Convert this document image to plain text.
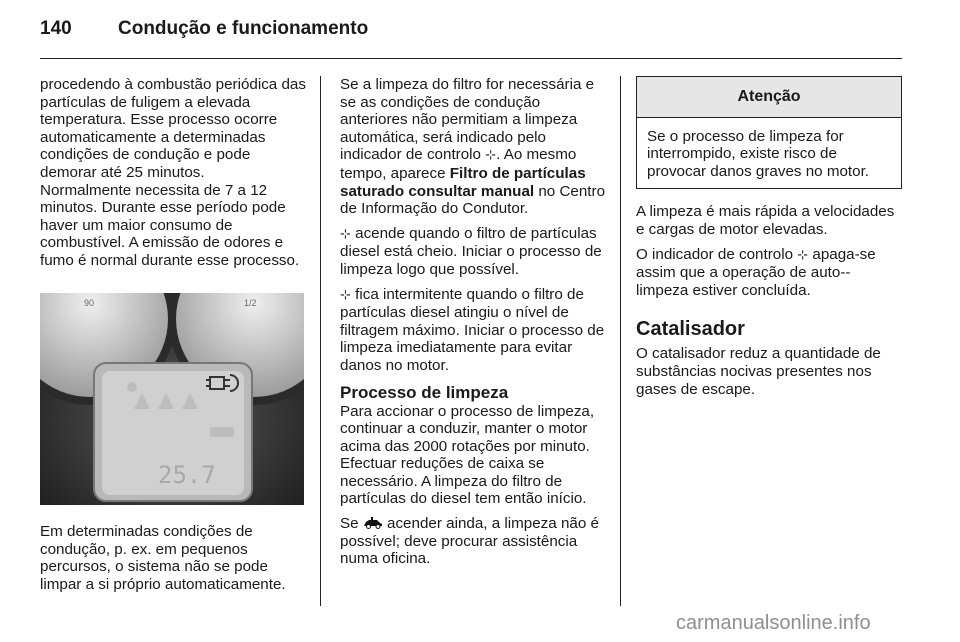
140 Condução e funcionamento

procedendo à combustão periódica das partículas de fuligem a elevada temperatura. Esse processo ocorre automaticamente a determinadas condições de condução e pode demorar até 25 minutos.

Normalmente necessita de 7 a 12 minutos. Durante esse período pode haver um maior consumo de combustível. A emissão de odores e fumo é normal durante esse processo.

90	1/2
25.7

Em determinadas condições de condução, p. ex. em pequenos percursos, o sistema não se pode limpar a si próprio automaticamente.

Se a limpeza do filtro for necessária e se as condições de condução anteriores não permitiam a limpeza automática, será indicado pelo indicador de controlo ⊹. Ao mesmo tempo, aparece Filtro de partículas saturado consultar manual no Centro de Informação do Condutor.

⊹ acende quando o filtro de partículas diesel está cheio. Iniciar o processo de limpeza logo que possível.

⊹ fica intermitente quando o filtro de partículas diesel atingiu o nível de filtragem máximo. Iniciar o processo de limpeza imediatamente para evitar danos no motor.

Processo de limpeza

Para accionar o processo de limpeza, continuar a conduzir, manter o motor acima das 2000 rotações por minuto. Efectuar reduções de caixa se necessário. A limpeza do filtro de partículas do diesel tem então início.

Se  acender ainda, a limpeza não é possível; deve procurar assistência numa oficina.

Atenção
Se o processo de limpeza for interrompido, existe risco de provocar danos graves no motor.

A limpeza é mais rápida a velocidades e cargas de motor elevadas.

O indicador de controlo ⊹ apaga-se assim que a operação de auto--limpeza estiver concluída.

Catalisador

O catalisador reduz a quantidade de substâncias nocivas presentes nos gases de escape.

carmanualsonline.info
